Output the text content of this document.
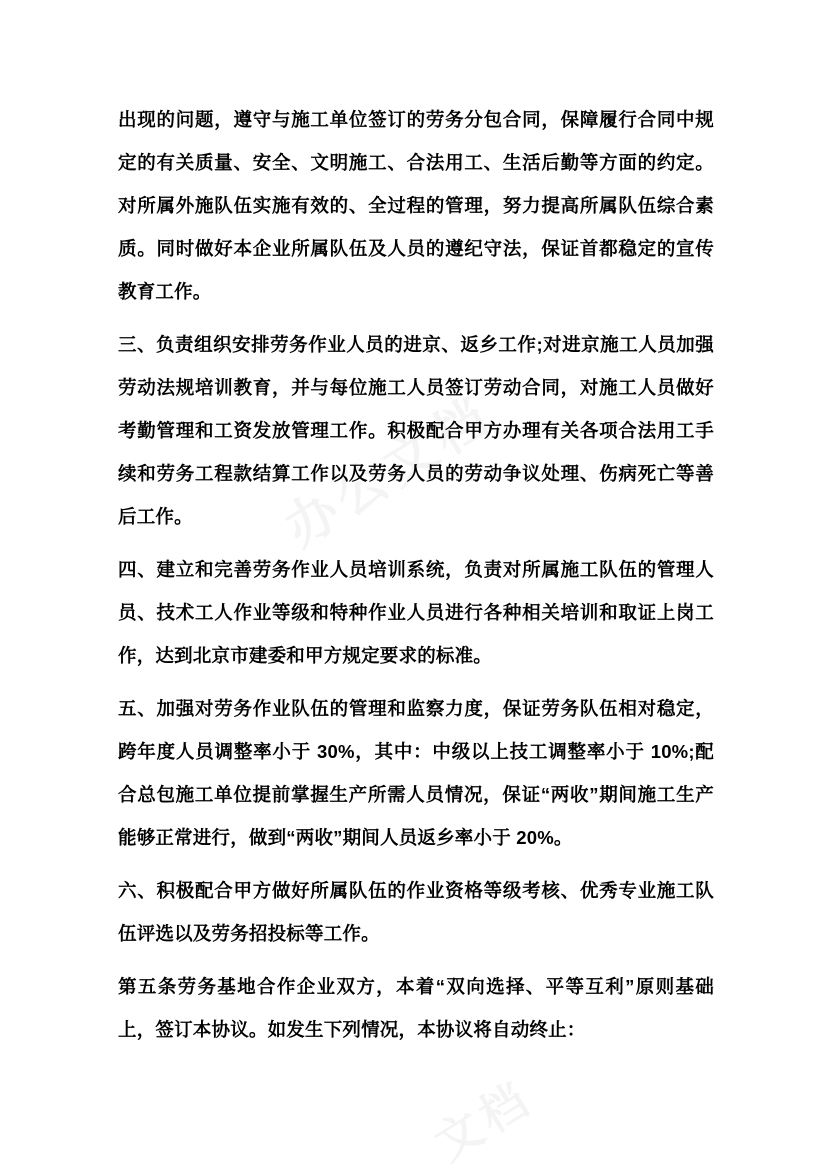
出现的问题，遵守与施工单位签订的劳务分包合同，保障履行合同中规定的有关质量、安全、文明施工、合法用工、生活后勤等方面的约定。对所属外施队伍实施有效的、全过程的管理，努力提高所属队伍综合素质。同时做好本企业所属队伍及人员的遵纪守法，保证首都稳定的宣传教育工作。

三、负责组织安排劳务作业人员的进京、返乡工作;对进京施工人员加强劳动法规培训教育，并与每位施工人员签订劳动合同，对施工人员做好考勤管理和工资发放管理工作。积极配合甲方办理有关各项合法用工手续和劳务工程款结算工作以及劳务人员的劳动争议处理、伤病死亡等善后工作。

四、建立和完善劳务作业人员培训系统，负责对所属施工队伍的管理人员、技术工人作业等级和特种作业人员进行各种相关培训和取证上岗工作，达到北京市建委和甲方规定要求的标准。

五、加强对劳务作业队伍的管理和监察力度，保证劳务队伍相对稳定，跨年度人员调整率小于 30%，其中：中级以上技工调整率小于 10%;配合总包施工单位提前掌握生产所需人员情况，保证“两收”期间施工生产能够正常进行，做到“两收”期间人员返乡率小于 20%。

六、积极配合甲方做好所属队伍的作业资格等级考核、优秀专业施工队伍评选以及劳务招投标等工作。

第五条劳务基地合作企业双方，本着“双向选择、平等互利”原则基础上，签订本协议。如发生下列情况，本协议将自动终止：
